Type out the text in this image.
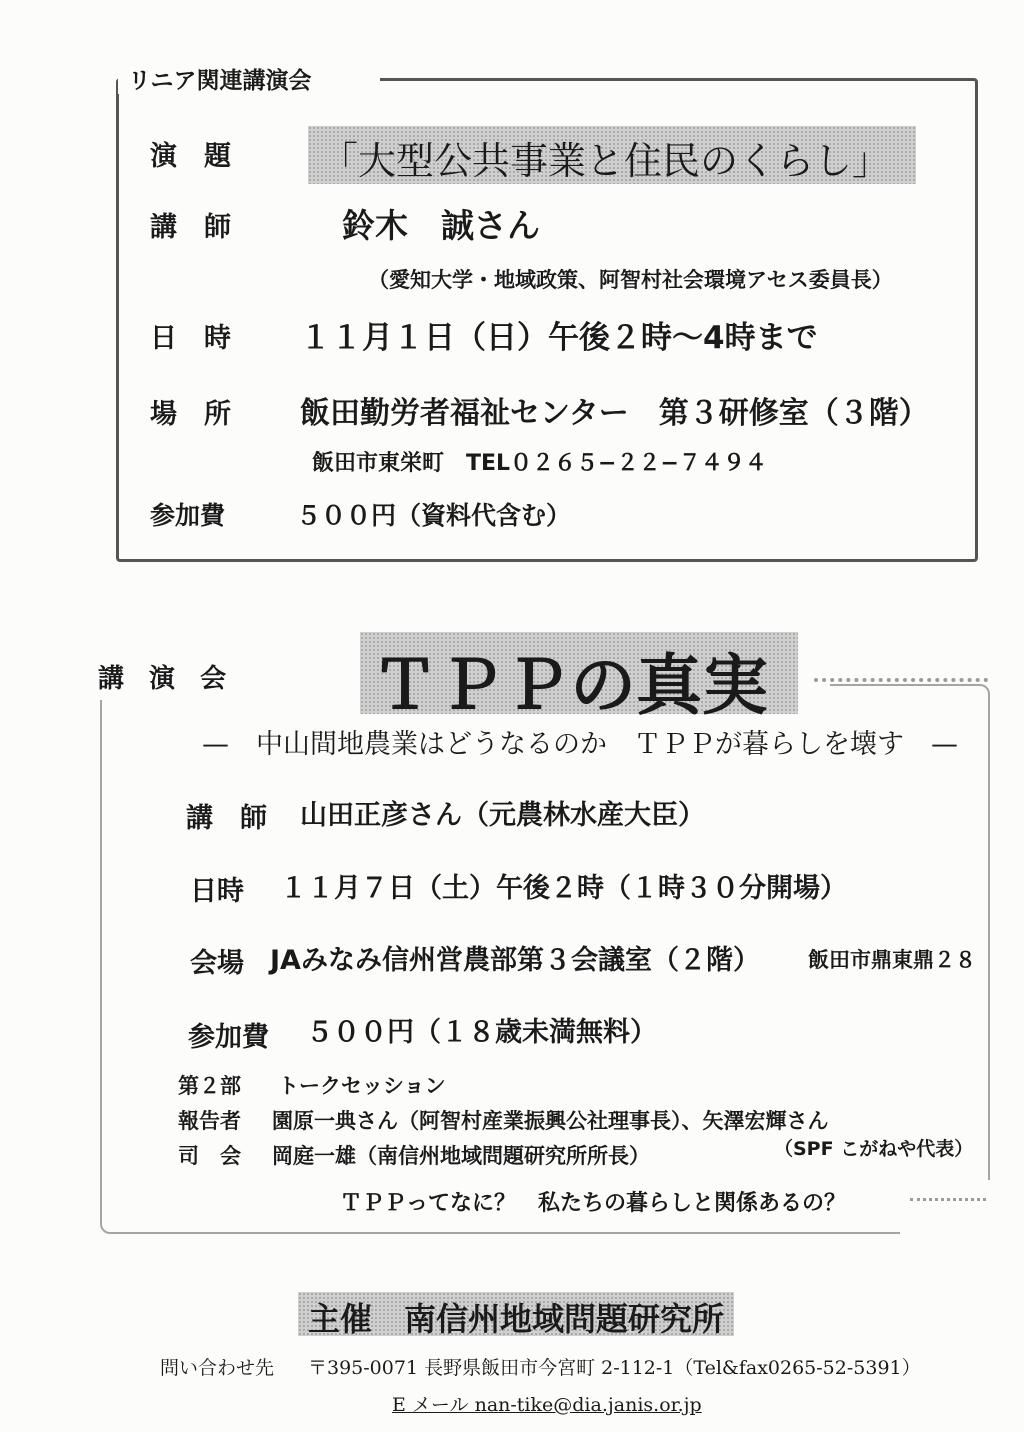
リニア関連講演会
演　題 「大型公共事業と住民のくらし」
講　師	鈴木　誠さん
（愛知大学・地域政策、阿智村社会環境アセス委員長）
日　時 １１月１日（日）午後２時〜4時まで
場　所 飯田勤労者福祉センター　第３研修室（３階）
飯田市東栄町　TEL０２６５−２２−７４９４
参加費	５００円（資料代含む）
講 演 会 ＴＰＰの真実
—　中山間地農業はどうなるのか　ＴＰＰが暮らしを壊す　—
講　師 山田正彦さん（元農林水産大臣）
日時 １１月７日（土）午後２時（１時３０分開場）
会場 JAみなみ信州営農部第３会議室（２階） 飯田市鼎東鼎２８
参加費 ５００円（１８歳未満無料）
第２部 トークセッション
報告者 園原一典さん（阿智村産業振興公社理事長）、矢澤宏輝さん
司　会 岡庭一雄（南信州地域問題研究所所長）	（SPF こがねや代表）
ＴＰＰってなに？　私たちの暮らしと関係あるの？
主催　南信州地域問題研究所
問い合わせ先 〒395-0071 長野県飯田市今宮町 2-112-1（Tel&fax0265-52-5391）
E メール nan-tike@dia.janis.or.jp
